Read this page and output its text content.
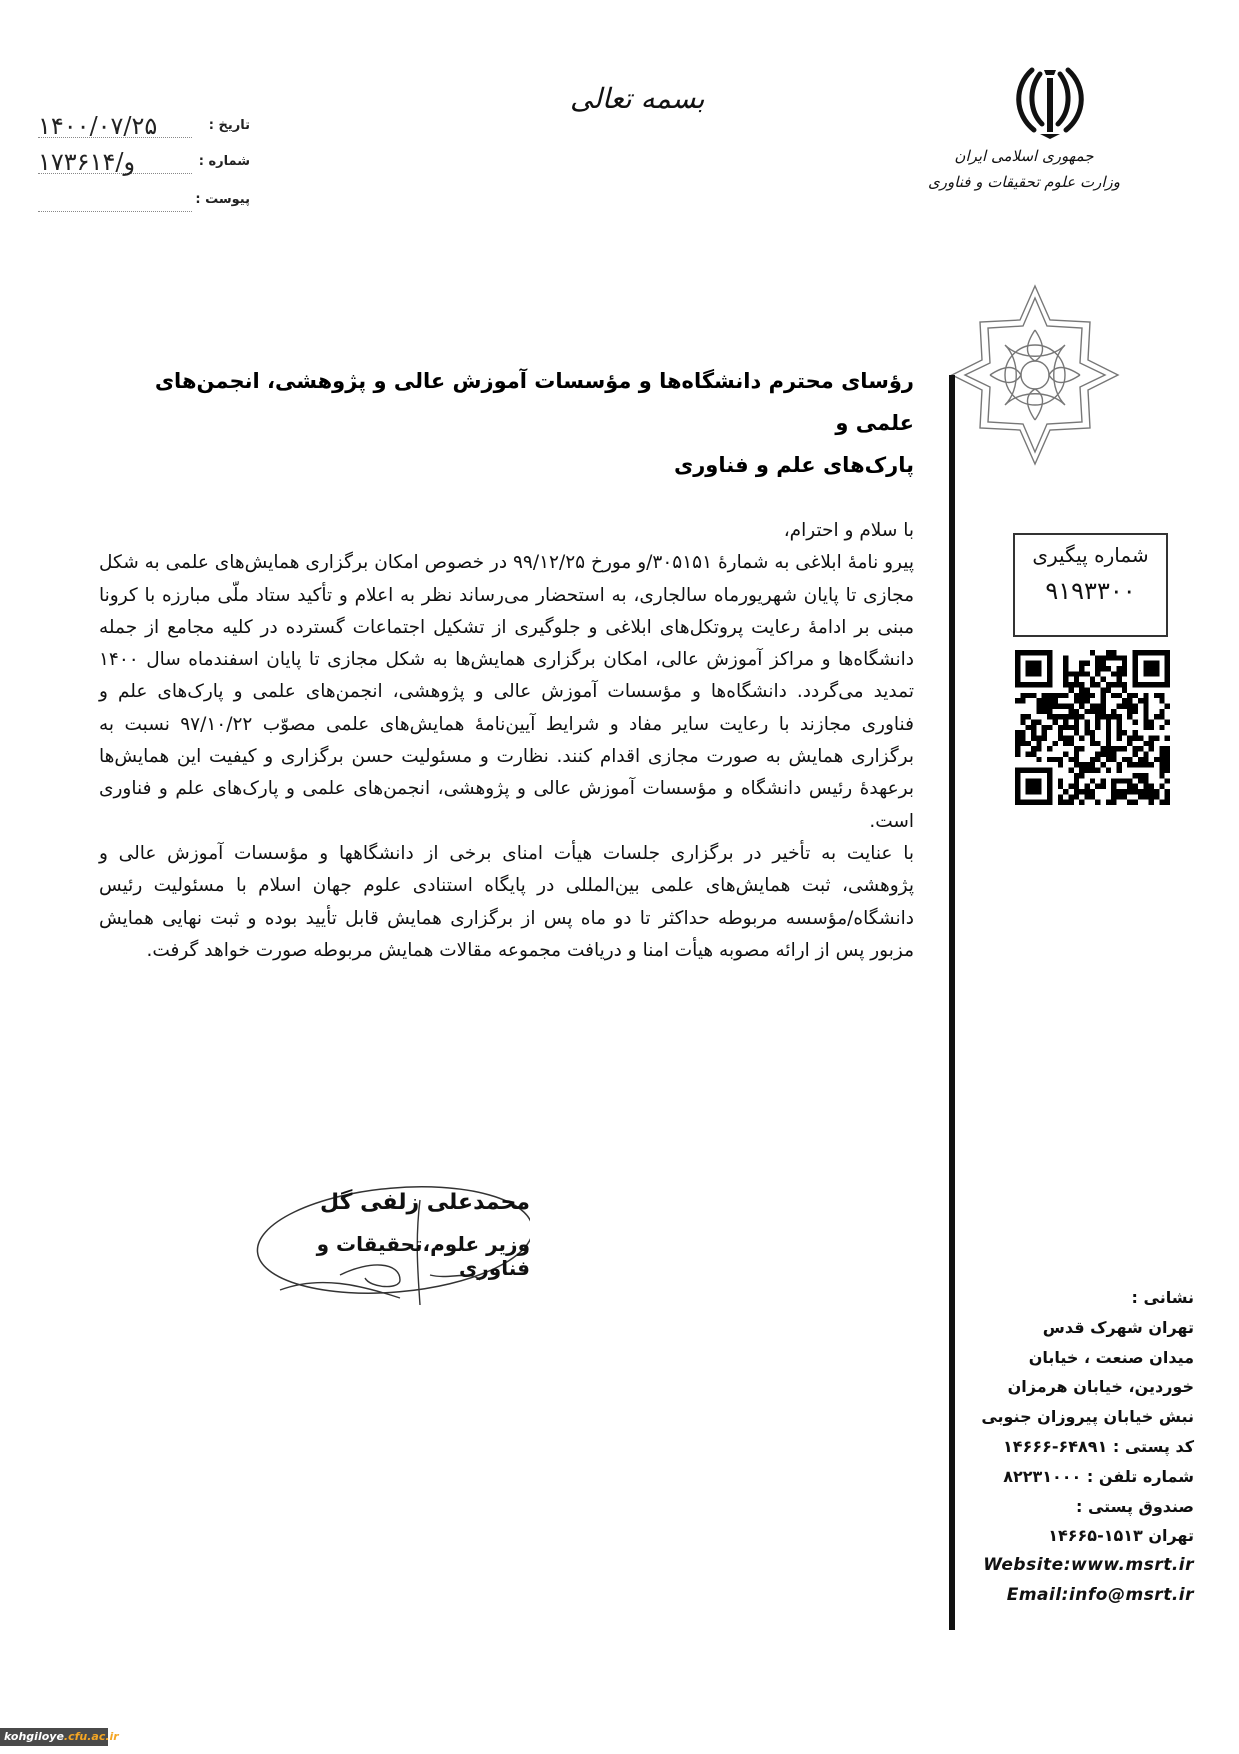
بسمه تعالی
تاریخ :
۱۴۰۰/۰۷/۲۵
شماره :
۱۷۳۶۱۴/و
پیوست :
جمهوری اسلامی ایران
وزارت علوم تحقیقات و فناوری
رؤسای محترم دانشگاه‌ها و مؤسسات آموزش عالی و پژوهشی، انجمن‌های علمی و
پارک‌های علم و فناوری

با سلام و احترام،

پیرو نامهٔ ابلاغی به شمارهٔ ۳۰۵۱۵۱/و مورخ ۹۹/۱۲/۲۵ در خصوص امکان برگزاری همایش‌های علمی به شکل مجازی تا پایان شهریورماه سالجاری، به استحضار می‌رساند نظر به اعلام و تأکید ستاد ملّی مبارزه با کرونا مبنی بر ادامهٔ رعایت پروتکل‌های ابلاغی و جلوگیری از تشکیل اجتماعات گسترده در کلیه مجامع از جمله دانشگاه‌ها و مراکز آموزش عالی، امکان برگزاری همایش‌ها به شکل مجازی تا پایان اسفندماه سال ۱۴۰۰ تمدید می‌گردد. دانشگاه‌ها و مؤسسات آموزش عالی و پژوهشی، انجمن‌های علمی و پارک‌های علم و فناوری مجازند با رعایت سایر مفاد و شرایط آیین‌نامهٔ همایش‌های علمی مصوّب ۹۷/۱۰/۲۲ نسبت به برگزاری همایش به صورت مجازی اقدام کنند. نظارت و مسئولیت حسن برگزاری و کیفیت این همایش‌ها برعهدهٔ رئیس دانشگاه و مؤسسات آموزش عالی و پژوهشی، انجمن‌های علمی و پارک‌های علم و فناوری است.

با عنایت به تأخیر در برگزاری جلسات هیأت امنای برخی از دانشگاهها و مؤسسات آموزش عالی و پژوهشی، ثبت همایش‌های علمی بین‌المللی در پایگاه استنادی علوم جهان اسلام با مسئولیت رئیس دانشگاه/مؤسسه مربوطه حداکثر تا دو ماه پس از برگزاری همایش قابل تأیید بوده و ثبت نهایی همایش مزبور پس از ارائه مصوبه هیأت امنا و دریافت مجموعه مقالات همایش مربوطه صورت خواهد گرفت.

شماره پیگیری
۹۱۹۳۳۰۰
محمدعلی زلفی گل
وزیر علوم،تحقیقات و فناوری
نشانی :
تهران شهرک قدس
میدان صنعت ، خیابان
خوردین، خیابان هرمزان
نبش خیابان پیروزان جنوبی
کد پستی : ۶۴۸۹۱-۱۴۶۶۶
شماره تلفن : ۸۲۲۳۱۰۰۰
صندوق پستی :
تهران ۱۵۱۳-۱۴۶۶۵
Website:www.msrt.ir
Email:info@msrt.ir
kohgiloye.cfu.ac.ir
